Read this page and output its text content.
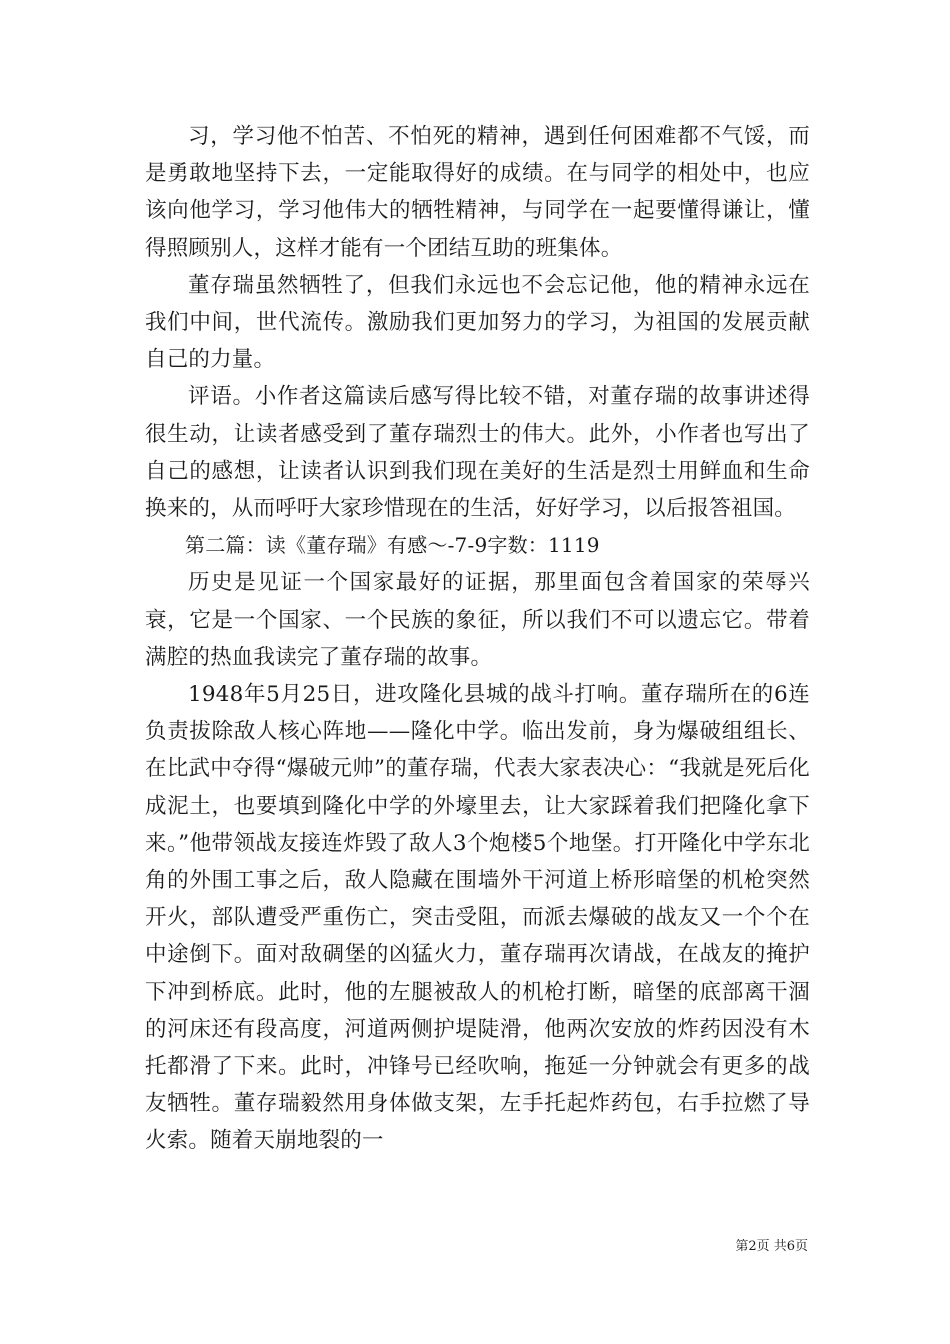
习，学习他不怕苦、不怕死的精神，遇到任何困难都不气馁，而是勇敢地坚持下去，一定能取得好的成绩。在与同学的相处中，也应该向他学习，学习他伟大的牺牲精神，与同学在一起要懂得谦让，懂得照顾别人，这样才能有一个团结互助的班集体。

董存瑞虽然牺牲了，但我们永远也不会忘记他，他的精神永远在我们中间，世代流传。激励我们更加努力的学习，为祖国的发展贡献自己的力量。

评语。小作者这篇读后感写得比较不错，对董存瑞的故事讲述得很生动，让读者感受到了董存瑞烈士的伟大。此外，小作者也写出了自己的感想，让读者认识到我们现在美好的生活是烈士用鲜血和生命换来的，从而呼吁大家珍惜现在的生活，好好学习，以后报答祖国。

第二篇：读《董存瑞》有感～-7-9字数：1119

历史是见证一个国家最好的证据，那里面包含着国家的荣辱兴衰，它是一个国家、一个民族的象征，所以我们不可以遗忘它。带着满腔的热血我读完了董存瑞的故事。

1948年5月25日，进攻隆化县城的战斗打响。董存瑞所在的6连负责拔除敌人核心阵地——隆化中学。临出发前，身为爆破组组长、在比武中夺得“爆破元帅”的董存瑞，代表大家表决心：“我就是死后化成泥土，也要填到隆化中学的外壕里去，让大家踩着我们把隆化拿下来。”他带领战友接连炸毁了敌人3个炮楼5个地堡。打开隆化中学东北角的外围工事之后，敌人隐藏在围墙外干河道上桥形暗堡的机枪突然开火，部队遭受严重伤亡，突击受阻，而派去爆破的战友又一个个在中途倒下。面对敌碉堡的凶猛火力，董存瑞再次请战，在战友的掩护下冲到桥底。此时，他的左腿被敌人的机枪打断，暗堡的底部离干涸的河床还有段高度，河道两侧护堤陡滑，他两次安放的炸药因没有木托都滑了下来。此时，冲锋号已经吹响，拖延一分钟就会有更多的战友牺牲。董存瑞毅然用身体做支架，左手托起炸药包，右手拉燃了导火索。随着天崩地裂的一

第2页 共6页
